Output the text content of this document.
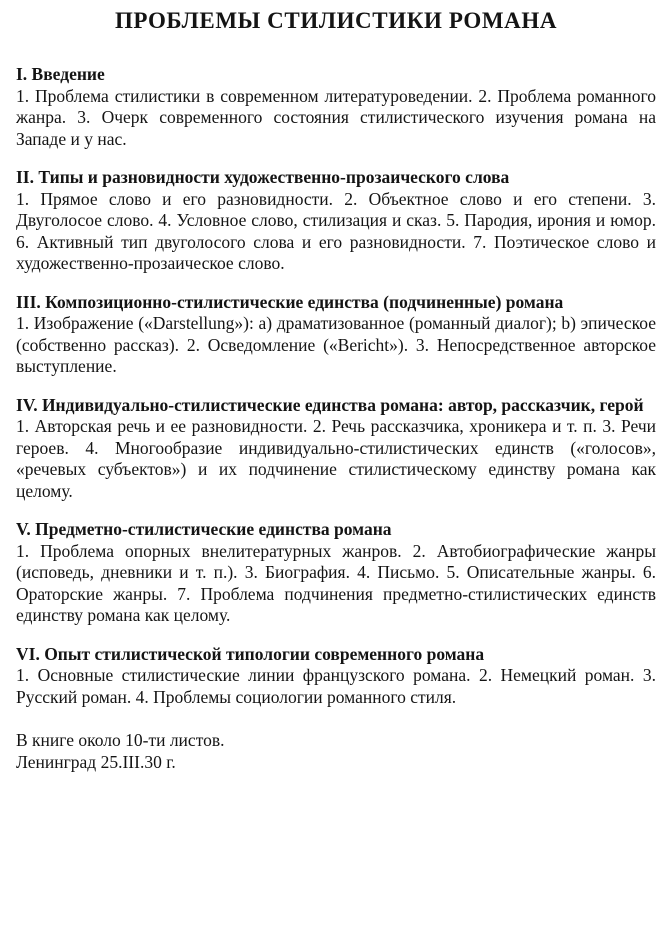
ПРОБЛЕМЫ СТИЛИСТИКИ РОМАНА

I. Введение

1. Проблема стилистики в современном литературоведении. 2. Проблема романного жанра. 3. Очерк современного состояния стилистического изучения романа на Западе и у нас.

II. Типы и разновидности художественно-прозаического слова

1. Прямое слово и его разновидности. 2. Объектное слово и его степени. 3. Двуголосое слово. 4. Условное слово, стилизация и сказ. 5. Пародия, ирония и юмор. 6. Активный тип двуголосого слова и его разновидности. 7. Поэтическое слово и художественно-прозаическое слово.

III. Композиционно-стилистические единства (подчиненные) романа

1. Изображение («Darstellung»): а) драматизованное (романный диалог); b) эпическое (собственно рассказ). 2. Осведомление («Bericht»). 3. Непосредственное авторское выступление.

IV. Индивидуально-стилистические единства романа: автор, рассказчик, герой

1. Авторская речь и ее разновидности. 2. Речь рассказчика, хроникера и т. п. 3. Речи героев. 4. Многообразие индивидуально-стилистических единств («голосов», «речевых субъектов») и их подчинение стилистическому единству романа как целому.

V. Предметно-стилистические единства романа

1. Проблема опорных внелитературных жанров. 2. Автобиографические жанры (исповедь, дневники и т. п.). 3. Биография. 4. Письмо. 5. Описательные жанры. 6. Ораторские жанры. 7. Проблема подчинения предметно-стилистических единств единству романа как целому.

VI. Опыт стилистической типологии современного романа

1. Основные стилистические линии французского романа. 2. Немецкий роман. 3. Русский роман. 4. Проблемы социологии романного стиля.

В книге около 10-ти листов.
Ленинград 25.III.30 г.
